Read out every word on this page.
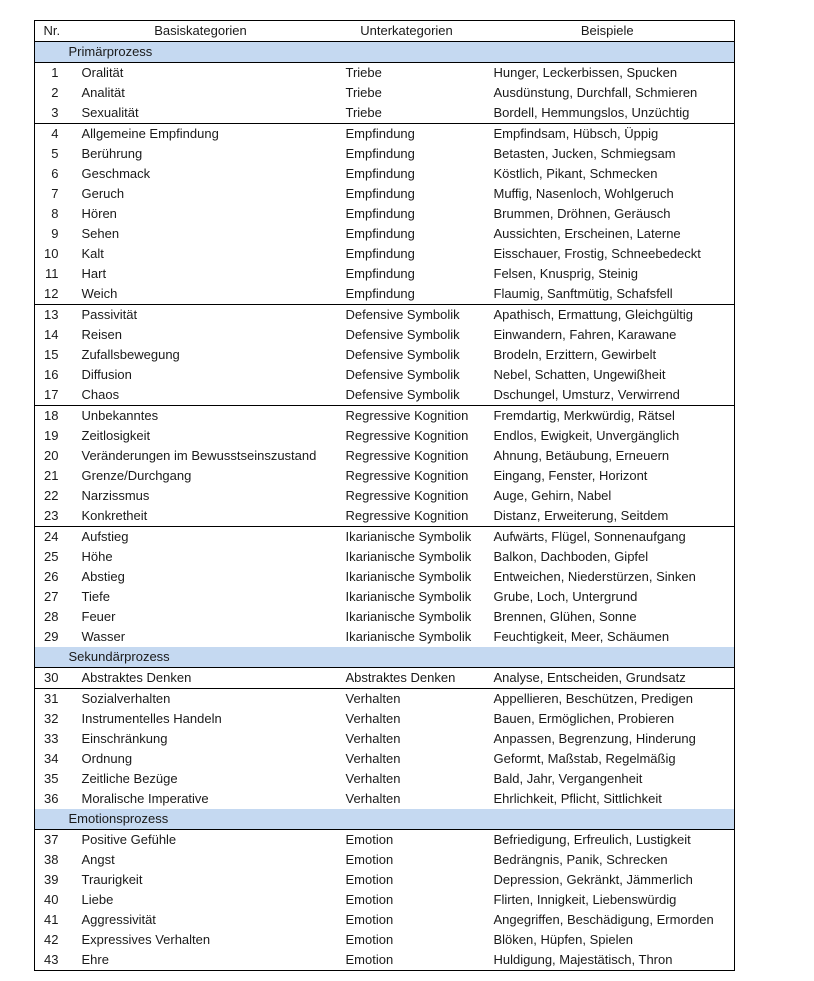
Nr.	Basiskategorien	Unterkategorien	Beispiele
	Primärprozess		
1	Oralität	Triebe	Hunger, Leckerbissen, Spucken
2	Analität	Triebe	Ausdünstung, Durchfall, Schmieren
3	Sexualität	Triebe	Bordell, Hemmungslos, Unzüchtig
4	Allgemeine Empfindung	Empfindung	Empfindsam, Hübsch, Üppig
5	Berührung	Empfindung	Betasten, Jucken, Schmiegsam
6	Geschmack	Empfindung	Köstlich, Pikant, Schmecken
7	Geruch	Empfindung	Muffig, Nasenloch, Wohlgeruch
8	Hören	Empfindung	Brummen, Dröhnen, Geräusch
9	Sehen	Empfindung	Aussichten, Erscheinen, Laterne
10	Kalt	Empfindung	Eisschauer, Frostig, Schneebedeckt
11	Hart	Empfindung	Felsen, Knusprig, Steinig
12	Weich	Empfindung	Flaumig, Sanftmütig, Schafsfell
13	Passivität	Defensive Symbolik	Apathisch, Ermattung, Gleichgültig
14	Reisen	Defensive Symbolik	Einwandern, Fahren, Karawane
15	Zufallsbewegung	Defensive Symbolik	Brodeln, Erzittern, Gewirbelt
16	Diffusion	Defensive Symbolik	Nebel, Schatten, Ungewißheit
17	Chaos	Defensive Symbolik	Dschungel, Umsturz, Verwirrend
18	Unbekanntes	Regressive Kognition	Fremdartig, Merkwürdig, Rätsel
19	Zeitlosigkeit	Regressive Kognition	Endlos, Ewigkeit, Unvergänglich
20	Veränderungen im Bewusstseinszustand	Regressive Kognition	Ahnung, Betäubung, Erneuern
21	Grenze/Durchgang	Regressive Kognition	Eingang, Fenster, Horizont
22	Narzissmus	Regressive Kognition	Auge, Gehirn, Nabel
23	Konkretheit	Regressive Kognition	Distanz, Erweiterung, Seitdem
24	Aufstieg	Ikarianische Symbolik	Aufwärts, Flügel, Sonnenaufgang
25	Höhe	Ikarianische Symbolik	Balkon, Dachboden, Gipfel
26	Abstieg	Ikarianische Symbolik	Entweichen, Niederstürzen, Sinken
27	Tiefe	Ikarianische Symbolik	Grube, Loch, Untergrund
28	Feuer	Ikarianische Symbolik	Brennen, Glühen, Sonne
29	Wasser	Ikarianische Symbolik	Feuchtigkeit, Meer, Schäumen
	Sekundärprozess		
30	Abstraktes Denken	Abstraktes Denken	Analyse, Entscheiden, Grundsatz
31	Sozialverhalten	Verhalten	Appellieren, Beschützen, Predigen
32	Instrumentelles Handeln	Verhalten	Bauen, Ermöglichen, Probieren
33	Einschränkung	Verhalten	Anpassen, Begrenzung, Hinderung
34	Ordnung	Verhalten	Geformt, Maßstab, Regelmäßig
35	Zeitliche Bezüge	Verhalten	Bald, Jahr, Vergangenheit
36	Moralische Imperative	Verhalten	Ehrlichkeit, Pflicht, Sittlichkeit
	Emotionsprozess		
37	Positive Gefühle	Emotion	Befriedigung, Erfreulich, Lustigkeit
38	Angst	Emotion	Bedrängnis, Panik, Schrecken
39	Traurigkeit	Emotion	Depression, Gekränkt, Jämmerlich
40	Liebe	Emotion	Flirten, Innigkeit, Liebenswürdig
41	Aggressivität	Emotion	Angegriffen, Beschädigung, Ermorden
42	Expressives Verhalten	Emotion	Blöken, Hüpfen, Spielen
43	Ehre	Emotion	Huldigung, Majestätisch, Thron
